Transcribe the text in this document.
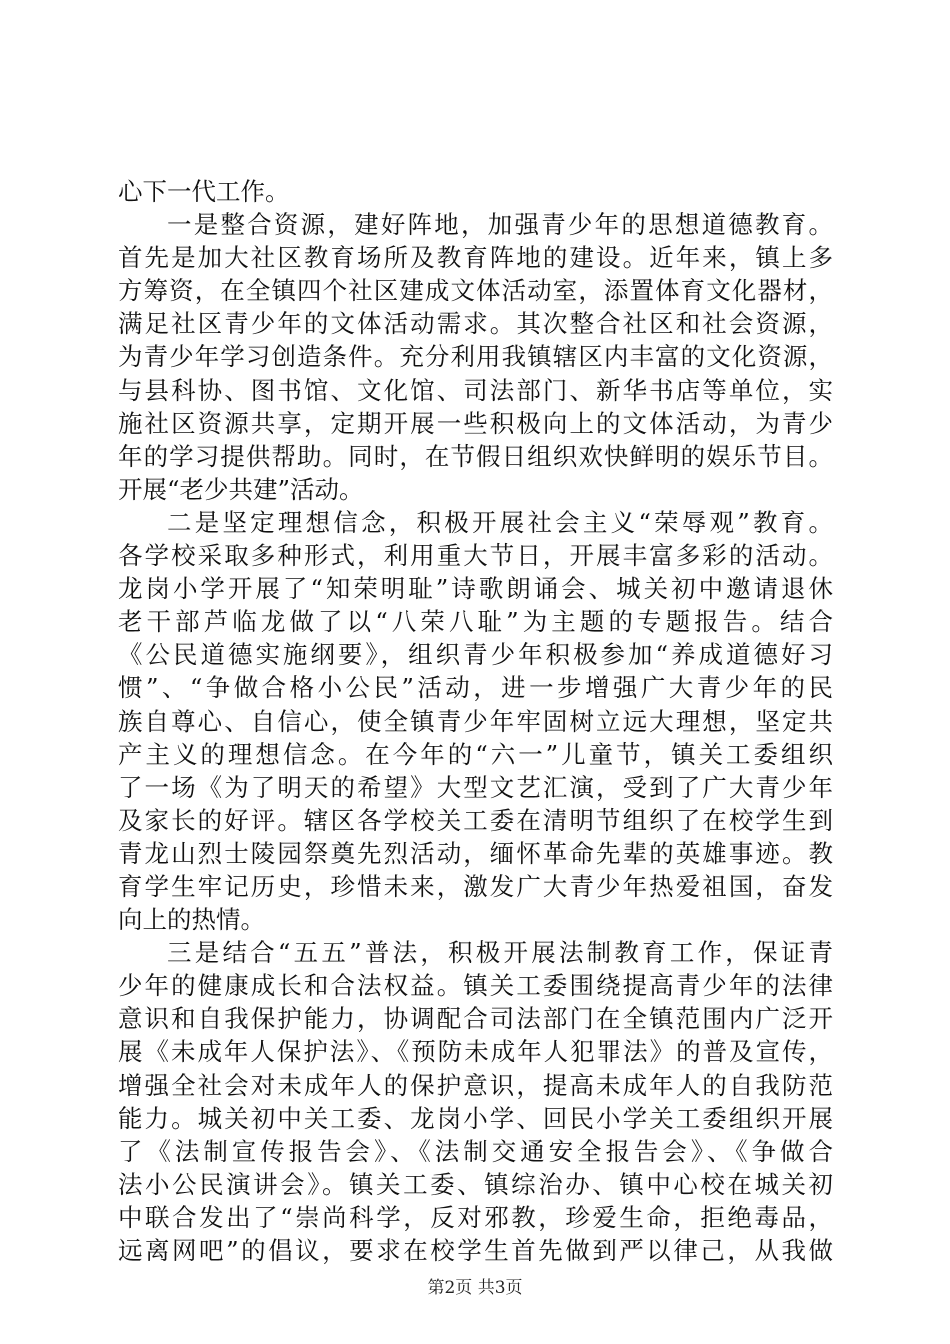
心下一代工作。
一是整合资源，建好阵地，加强青少年的思想道德教育。
首先是加大社区教育场所及教育阵地的建设。近年来，镇上多
方筹资，在全镇四个社区建成文体活动室，添置体育文化器材，
满足社区青少年的文体活动需求。其次整合社区和社会资源，
为青少年学习创造条件。充分利用我镇辖区内丰富的文化资源，
与县科协、图书馆、文化馆、司法部门、新华书店等单位，实
施社区资源共享，定期开展一些积极向上的文体活动，为青少
年的学习提供帮助。同时，在节假日组织欢快鲜明的娱乐节目。
开展“老少共建”活动。
二是坚定理想信念，积极开展社会主义“荣辱观”教育。
各学校采取多种形式，利用重大节日，开展丰富多彩的活动。
龙岗小学开展了“知荣明耻”诗歌朗诵会、城关初中邀请退休
老干部芦临龙做了以“八荣八耻”为主题的专题报告。结合
《公民道德实施纲要》，组织青少年积极参加“养成道德好习
惯”、“争做合格小公民”活动，进一步增强广大青少年的民
族自尊心、自信心，使全镇青少年牢固树立远大理想，坚定共
产主义的理想信念。在今年的“六一”儿童节，镇关工委组织
了一场《为了明天的希望》大型文艺汇演，受到了广大青少年
及家长的好评。辖区各学校关工委在清明节组织了在校学生到
青龙山烈士陵园祭奠先烈活动，缅怀革命先辈的英雄事迹。教
育学生牢记历史，珍惜未来，激发广大青少年热爱祖国，奋发
向上的热情。
三是结合“五五”普法，积极开展法制教育工作，保证青
少年的健康成长和合法权益。镇关工委围绕提高青少年的法律
意识和自我保护能力，协调配合司法部门在全镇范围内广泛开
展《未成年人保护法》、《预防未成年人犯罪法》的普及宣传，
增强全社会对未成年人的保护意识，提高未成年人的自我防范
能力。城关初中关工委、龙岗小学、回民小学关工委组织开展
了《法制宣传报告会》、《法制交通安全报告会》、《争做合
法小公民演讲会》。镇关工委、镇综治办、镇中心校在城关初
中联合发出了“崇尚科学，反对邪教，珍爱生命，拒绝毒品，
远离网吧”的倡议，要求在校学生首先做到严以律己，从我做
第2页 共3页
